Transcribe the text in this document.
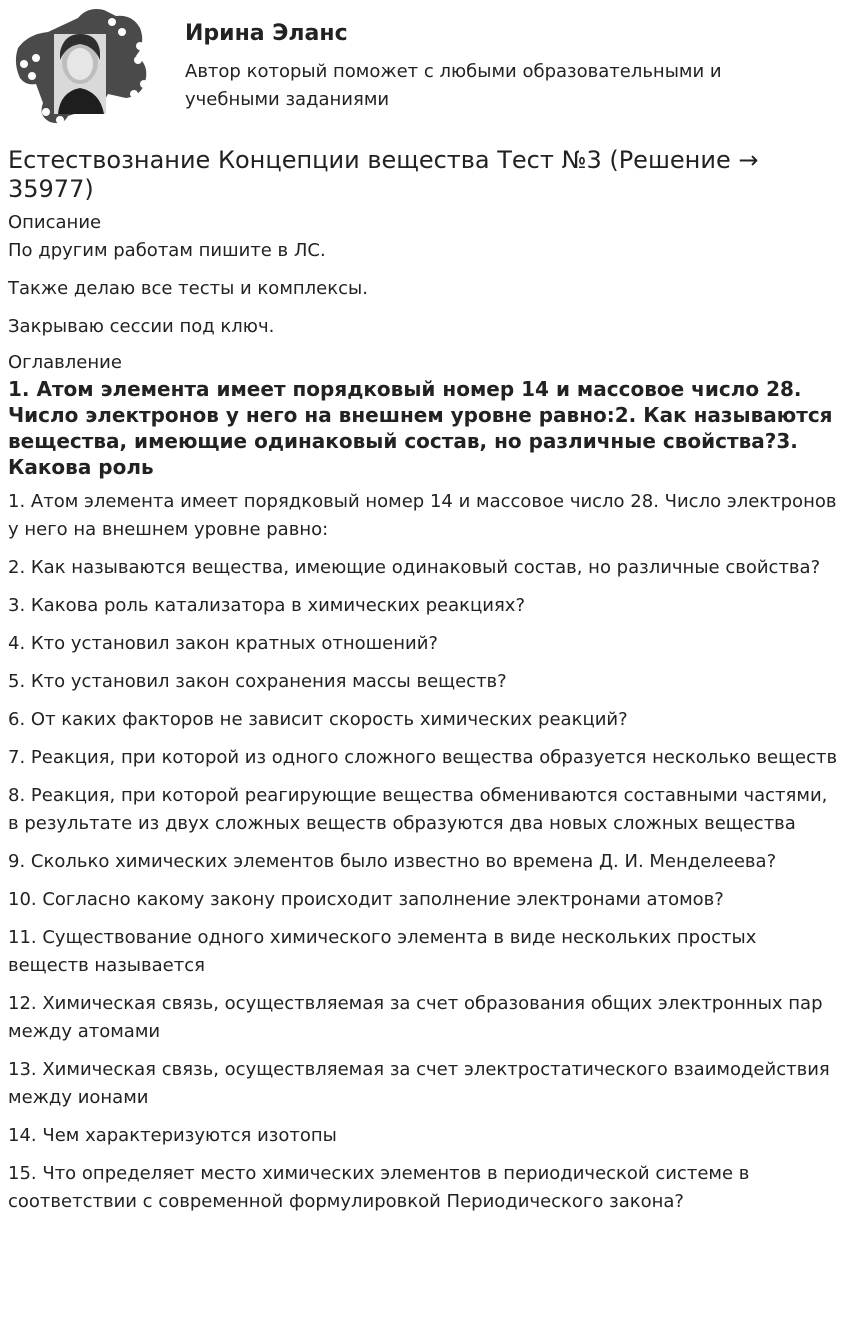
Ирина Эланс

Автор который поможет с любыми образовательными и учебными заданиями

Естествознание Концепции вещества Тест №3 (Решение → 35977)
Описание

По другим работам пишите в ЛС.

Также делаю все тесты и комплексы.

Закрываю сессии под ключ.

Оглавление
1. Атом элемента имеет порядковый номер 14 и массовое число 28. Число электронов у него на внешнем уровне равно:2. Как называются вещества, имеющие одинаковый состав, но различные свойства?3. Какова роль

1. Атом элемента имеет порядковый номер 14 и массовое число 28. Число электронов у него на внешнем уровне равно:

2. Как называются вещества, имеющие одинаковый состав, но различные свойства?

3. Какова роль катализатора в химических реакциях?

4. Кто установил закон кратных отношений?

5. Кто установил закон сохранения массы веществ?

6. От каких факторов не зависит скорость химических реакций?

7. Реакция, при которой из одного сложного вещества образуется несколько веществ

8. Реакция, при которой реагирующие вещества обмениваются составными частями, в результате из двух сложных веществ образуются два новых сложных вещества

9. Сколько химических элементов было известно во времена Д. И. Менделеева?

10. Согласно какому закону происходит заполнение электронами атомов?

11. Существование одного химического элемента в виде нескольких простых веществ называется

12. Химическая связь, осуществляемая за счет образования общих электронных пар между атомами

13. Химическая связь, осуществляемая за счет электростатического взаимодействия между ионами

14. Чем характеризуются изотопы

15. Что определяет место химических элементов в периодической системе в соответствии с современной формулировкой Периодического закона?
